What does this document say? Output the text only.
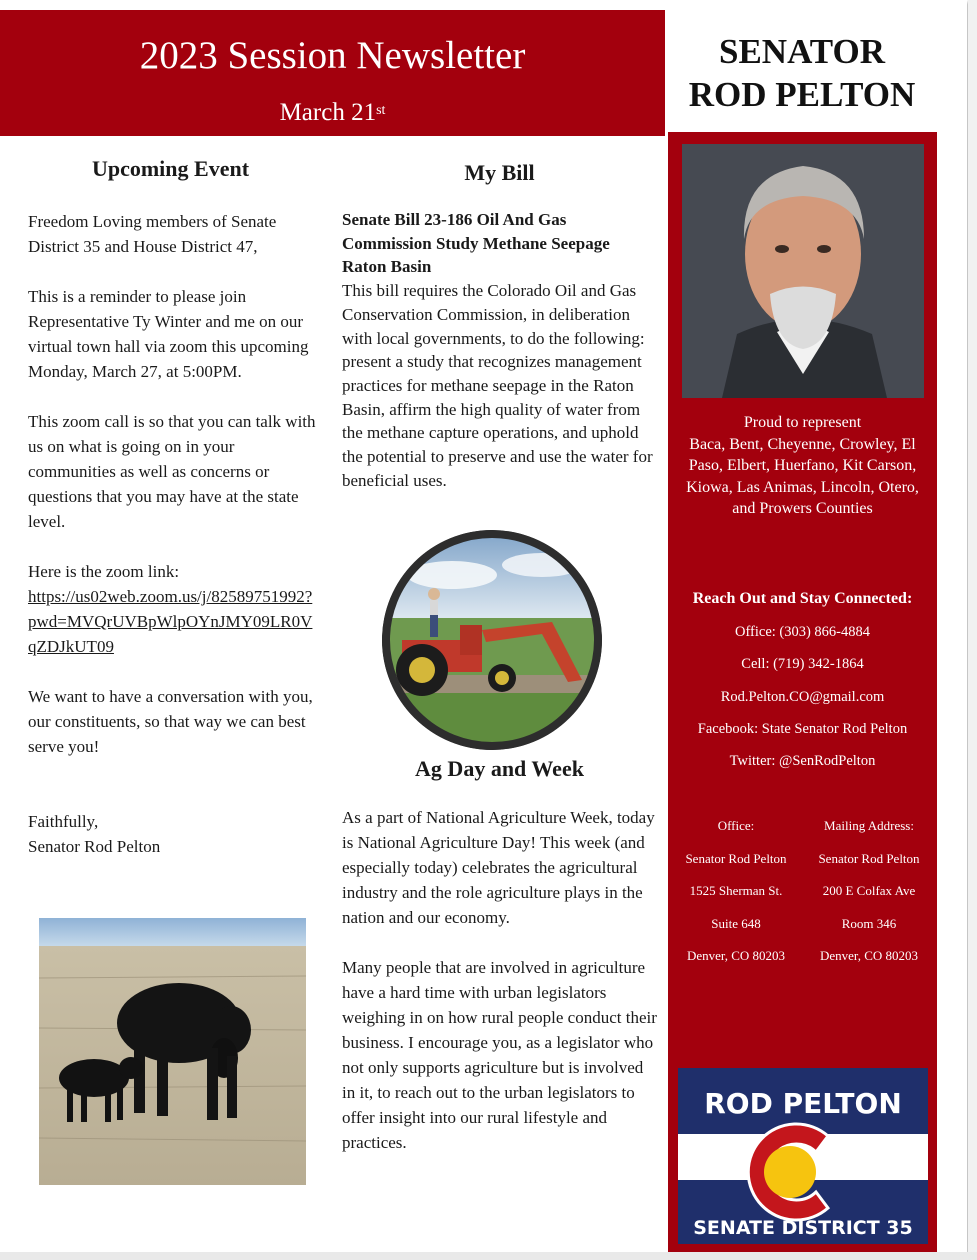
2023 Session Newsletter
March 21st
SENATOR
ROD PELTON
Upcoming Event

Freedom Loving members of Senate District 35 and House District 47,

This is a reminder to please join Representative Ty Winter and me on our virtual town hall via zoom this upcoming Monday, March 27, at 5:00PM.

This zoom call is so that you can talk with us on what is going on in your communities as well as concerns or questions that you may have at the state level.

Here is the zoom link:

https://us02web.zoom.us/j/82589751992?pwd=MVQrUVBpWlpOYnJMY09LR0VqZDJkUT09

We want to have a conversation with you, our constituents, so that way we can best serve you!

Faithfully,

Senator Rod Pelton

My Bill

Senate Bill 23-186 Oil And Gas Commission Study Methane Seepage Raton Basin

This bill requires the Colorado Oil and Gas Conservation Commission, in deliberation with local governments, to do the following: present a study that recognizes management practices for methane seepage in the Raton Basin, affirm the high quality of water from the methane capture operations, and uphold the potential to preserve and use the water for beneficial uses.

Ag Day and Week

As a part of National Agriculture Week, today is National Agriculture Day! This week (and especially today) celebrates the agricultural industry and the role agriculture plays in the nation and our economy.

Many people that are involved in agriculture have a hard time with urban legislators weighing in on how rural people conduct their business. I encourage you, as a legislator who not only supports agriculture but is involved in it, to reach out to the urban legislators to offer insight into our rural lifestyle and practices.

Proud to represent
Baca, Bent, Cheyenne, Crowley, El Paso, Elbert, Huerfano, Kit Carson, Kiowa, Las Animas, Lincoln, Otero, and Prowers Counties
Reach Out and Stay Connected:
Office: (303) 866-4884
Cell: (719) 342-1864
Rod.Pelton.CO@gmail.com
Facebook: State Senator Rod Pelton
Twitter: @SenRodPelton
Office:
Senator Rod Pelton
1525 Sherman St.
Suite 648
Denver, CO 80203
Mailing Address:
Senator Rod Pelton
200 E Colfax Ave
Room 346
Denver, CO 80203
ROD PELTON
SENATE DISTRICT 35
